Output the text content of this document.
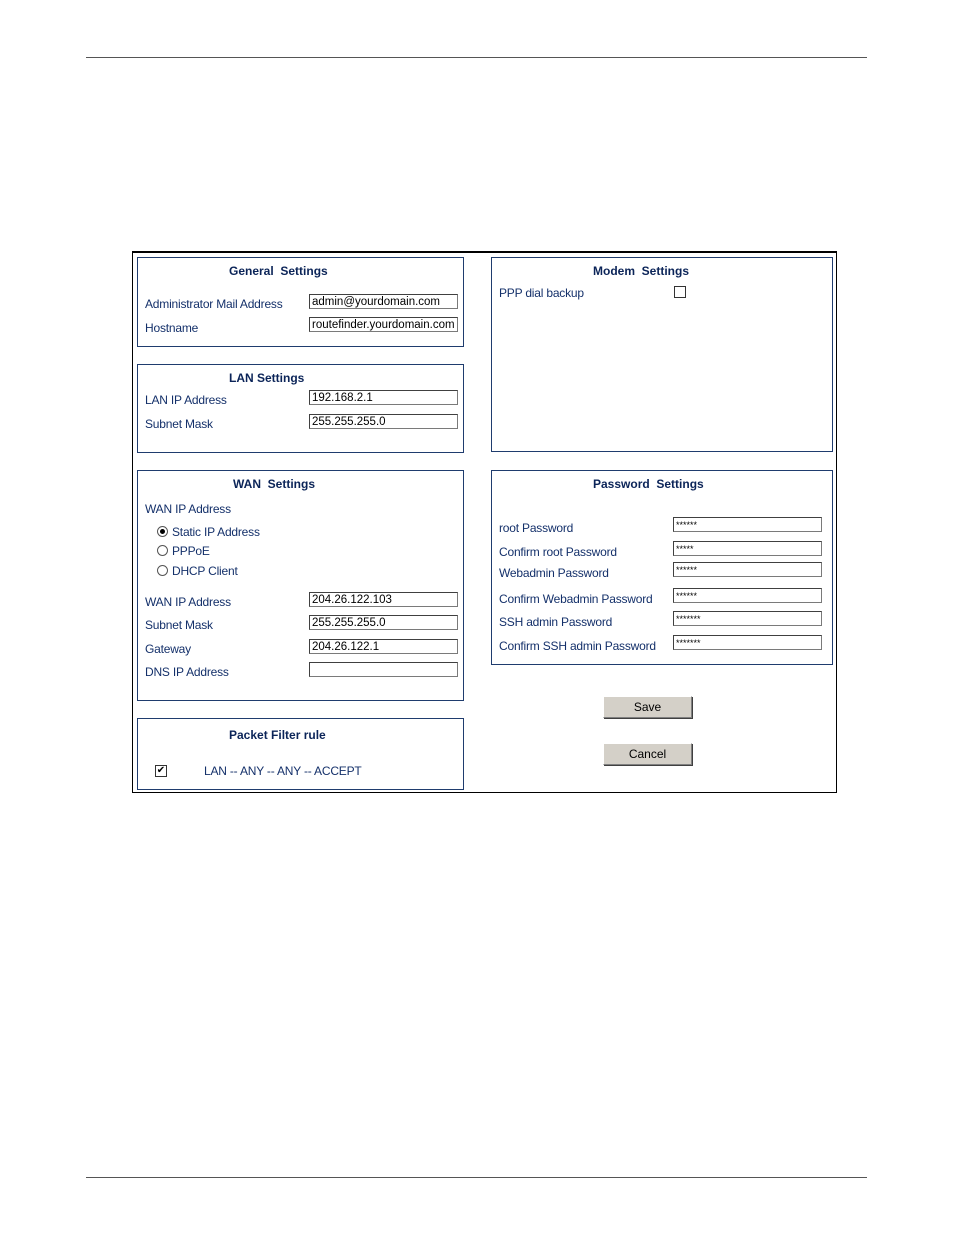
General  Settings
Administrator Mail Address	admin@yourdomain.com
Hostname	routefinder.yourdomain.com
LAN Settings
LAN IP Address	192.168.2.1
Subnet Mask	255.255.255.0
WAN  Settings
WAN IP Address
Static IP Address
PPPoE
DHCP Client
WAN IP Address	204.26.122.103
Subnet Mask	255.255.255.0
Gateway	204.26.122.1
DNS IP Address
Packet Filter rule
✔	LAN -- ANY -- ANY -- ACCEPT
Modem  Settings
PPP dial backup
Password  Settings
root Password	******
Confirm root Password	*****
Webadmin Password	******
Confirm Webadmin Password	******
SSH admin Password	*******
Confirm SSH admin Password	*******
Save
Cancel
